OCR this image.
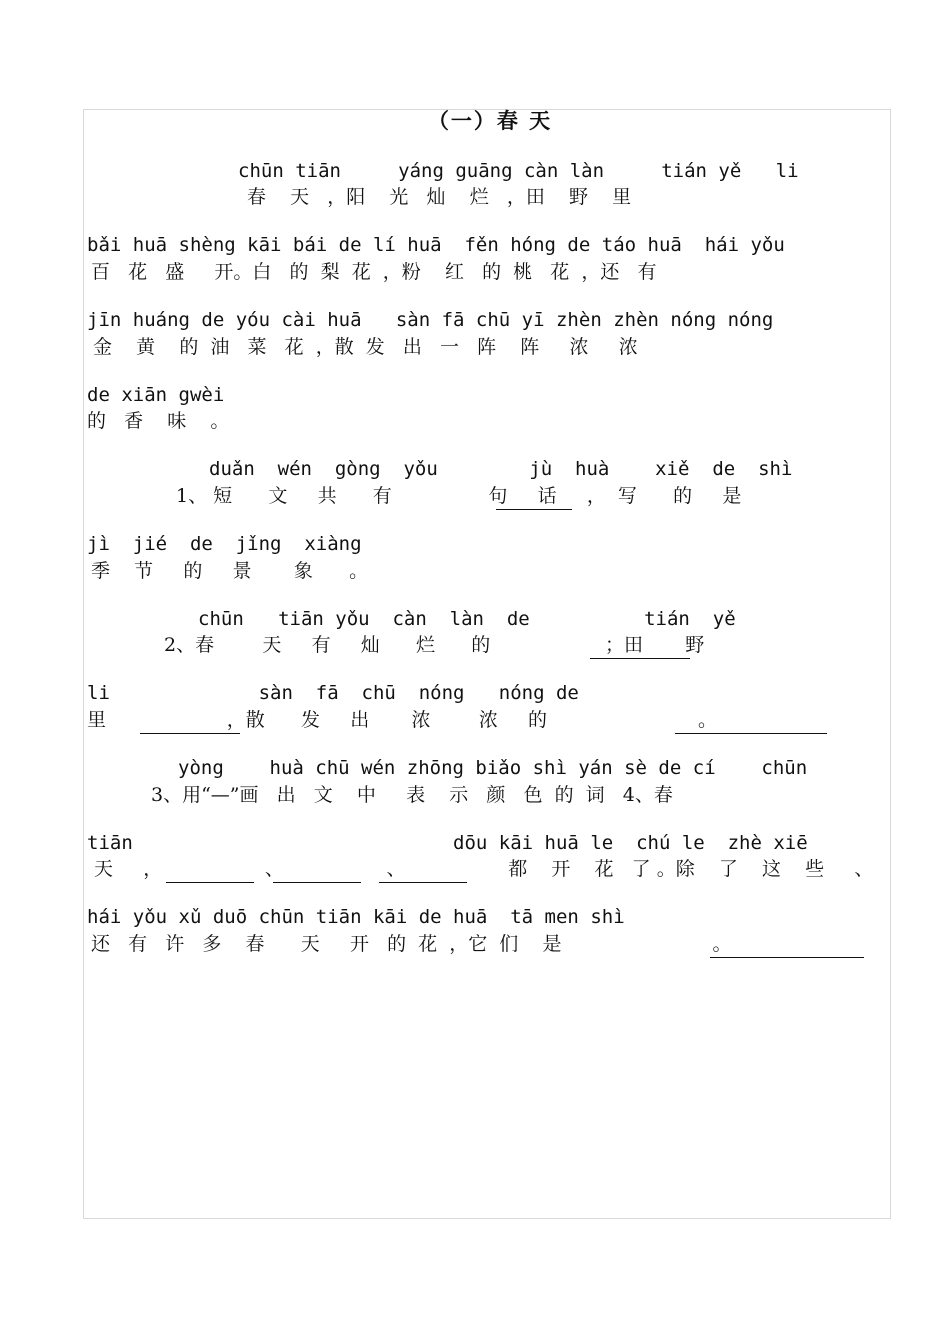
（一）春 天
chūn tiān     yáng guāng càn làn     tián yě   li
春    天   ，阳    光   灿    烂   ，田    野    里
bǎi huā shèng kāi bái de lí huā  fěn hóng de táo huā  hái yǒu
百   花   盛     开。白   的  梨  花  ，粉    红   的  桃   花  ，还   有
jīn huáng de yóu cài huā   sàn fā chū yī zhèn zhèn nóng nóng
金    黄    的  油   菜   花  ，散  发   出   一   阵    阵     浓     浓
de xiān gwèi
的   香    味    。
duǎn  wén  gòng  yǒu        jù  huà    xiě  de  shì
1、 短      文     共      有                句     话     ，  写      的     是
jì  jié  de  jǐng  xiàng
季    节     的     景       象      。
chūn   tiān yǒu  càn  làn  de          tián  yě
2、春        天     有     灿      烂      的                   ；田       野
li             sàn  fā  chū  nóng   nóng de
里                    ，散      发     出       浓        浓     的                         。
yòng    huà chū wén zhōng biǎo shì yán sè de cí    chūn
3、用“—”画   出   文    中     表    示   颜   色  的  词   4、春
tiān                            dōu kāi huā le  chú le  zhè xiē
天     ，                 、                 、                 都    开    花   了 。除    了    这    些     、
hái yǒu xǔ duō chūn tiān kāi de huā  tā men shì
还   有   许   多    春      天     开   的  花  ，它  们    是                         。
